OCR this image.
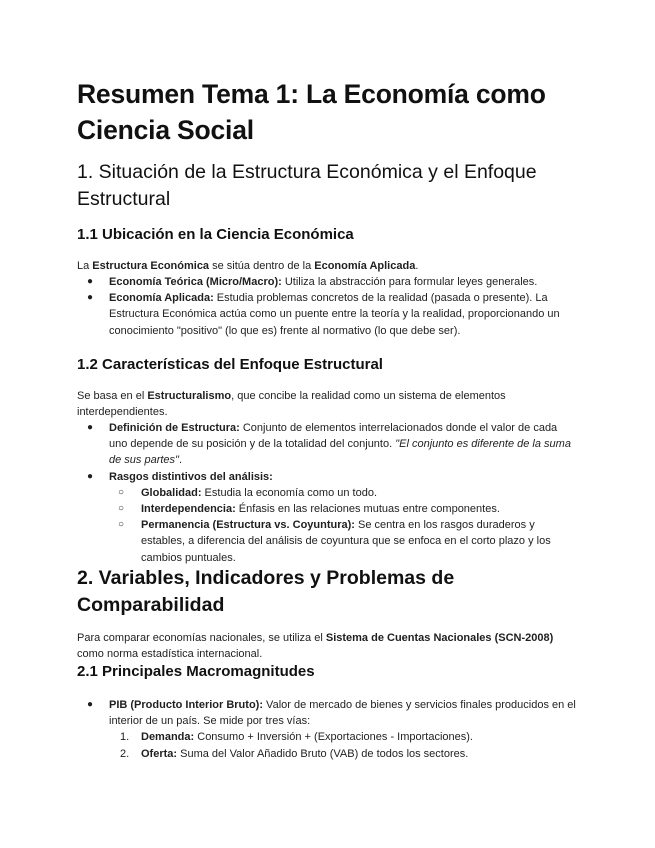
Resumen Tema 1: La Economía como Ciencia Social
1. Situación de la Estructura Económica y el Enfoque Estructural
1.1 Ubicación en la Ciencia Económica

La Estructura Económica se sitúa dentro de la Economía Aplicada.

● Economía Teórica (Micro/Macro): Utiliza la abstracción para formular leyes generales.
● Economía Aplicada: Estudia problemas concretos de la realidad (pasada o presente). La Estructura Económica actúa como un puente entre la teoría y la realidad, proporcionando un conocimiento "positivo" (lo que es) frente al normativo (lo que debe ser).
1.2 Características del Enfoque Estructural

Se basa en el Estructuralismo, que concibe la realidad como un sistema de elementos interdependientes.

● Definición de Estructura: Conjunto de elementos interrelacionados donde el valor de cada uno depende de su posición y de la totalidad del conjunto. "El conjunto es diferente de la suma de sus partes".
● Rasgos distintivos del análisis:
○ Globalidad: Estudia la economía como un todo.
○ Interdependencia: Énfasis en las relaciones mutuas entre componentes.
○ Permanencia (Estructura vs. Coyuntura): Se centra en los rasgos duraderos y estables, a diferencia del análisis de coyuntura que se enfoca en el corto plazo y los cambios puntuales.
2. Variables, Indicadores y Problemas de Comparabilidad

Para comparar economías nacionales, se utiliza el Sistema de Cuentas Nacionales (SCN-2008) como norma estadística internacional.

2.1 Principales Macromagnitudes
● PIB (Producto Interior Bruto): Valor de mercado de bienes y servicios finales producidos en el interior de un país. Se mide por tres vías:
1. Demanda: Consumo + Inversión + (Exportaciones - Importaciones).
2. Oferta: Suma del Valor Añadido Bruto (VAB) de todos los sectores.
